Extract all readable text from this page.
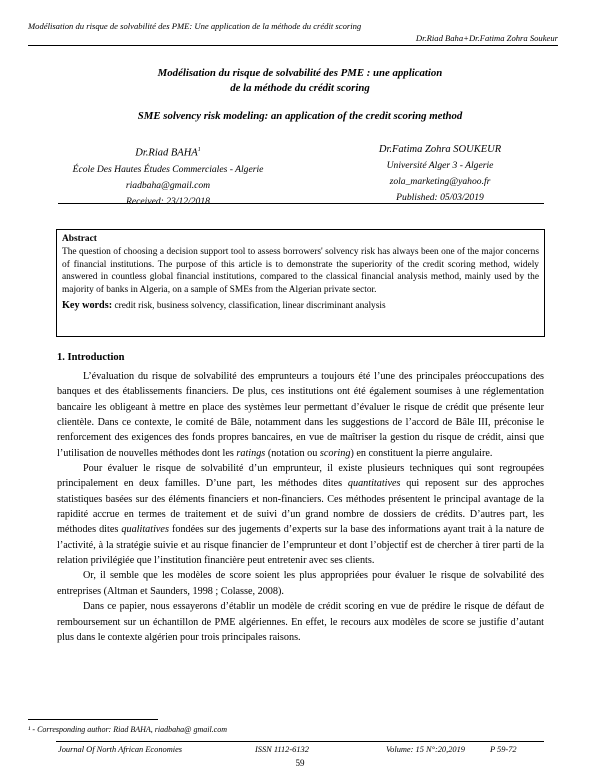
Modélisation du risque de solvabilité des PME: Une application de la méthode du crédit scoring
Dr.Riad Baha+Dr.Fatima Zohra Soukeur
Modélisation du risque de solvabilité des PME : une application
de la méthode du crédit scoring
SME solvency risk modeling: an application of the credit scoring method
Dr.Riad BAHA$^1$
École Des Hautes Études Commerciales - Algerie
riadbaha@gmail.com
Received: 23/12/2018
Dr.Fatima Zohra SOUKEUR
Université Alger 3 - Algerie
zola_marketing@yahoo.fr
Published: 05/03/2019

Abstract

The question of choosing a decision support tool to assess borrowers' solvency risk has always been one of the major concerns of financial institutions. The purpose of this article is to demonstrate the superiority of the credit scoring method, widely answered in countless global financial institutions, compared to the classical financial analysis method, mainly used by the majority of banks in Algeria, on a sample of SMEs from the Algerian private sector.

Key words: credit risk, business solvency, classification, linear discriminant analysis

1. Introduction

L’évaluation du risque de solvabilité des emprunteurs a toujours été l’une des principales préoccupations des banques et des établissements financiers. De plus, ces institutions ont été également soumises à une réglementation bancaire les obligeant à mettre en place des systèmes leur permettant d’évaluer le risque de crédit que présente leur clientèle. Dans ce contexte, le comité de Bâle, notamment dans les suggestions de l’accord de Bâle III, préconise le renforcement des exigences des fonds propres bancaires, en vue de maîtriser la gestion du risque de crédit, ainsi que l’utilisation de nouvelles méthodes dont les ratings (notation ou scoring) en constituent la pierre angulaire.

Pour évaluer le risque de solvabilité d’un emprunteur, il existe plusieurs techniques qui sont regroupées principalement en deux familles. D’une part, les méthodes dites quantitatives qui reposent sur des approches statistiques basées sur des éléments financiers et non-financiers. Ces méthodes présentent le principal avantage de la rapidité accrue en termes de traitement et de suivi d’un grand nombre de dossiers de crédits. D’autres part, les méthodes dites qualitatives fondées sur des jugements d’experts sur la base des informations ayant trait à la nature de l’activité, à la stratégie suivie et au risque financier de l’emprunteur et dont l’objectif est de chercher à tirer parti de la relation privilégiée que l’institution financière peut entretenir avec ses clients.

Or, il semble que les modèles de score soient les plus appropriées pour évaluer le risque de solvabilité des entreprises (Altman et Saunders, 1998 ; Colasse, 2008).

Dans ce papier, nous essayerons d’établir un modèle de crédit scoring en vue de prédire le risque de défaut de remboursement sur un échantillon de PME algériennes. En effet, le recours aux modèles de score se justifie d’autant plus dans le contexte algérien pour trois principales raisons.

¹ - Corresponding author: Riad BAHA, riadbaha@ gmail.com
Journal Of North African Economies	ISSN 1112-6132	Volume: 15 N°:20,2019	P 59-72
59
